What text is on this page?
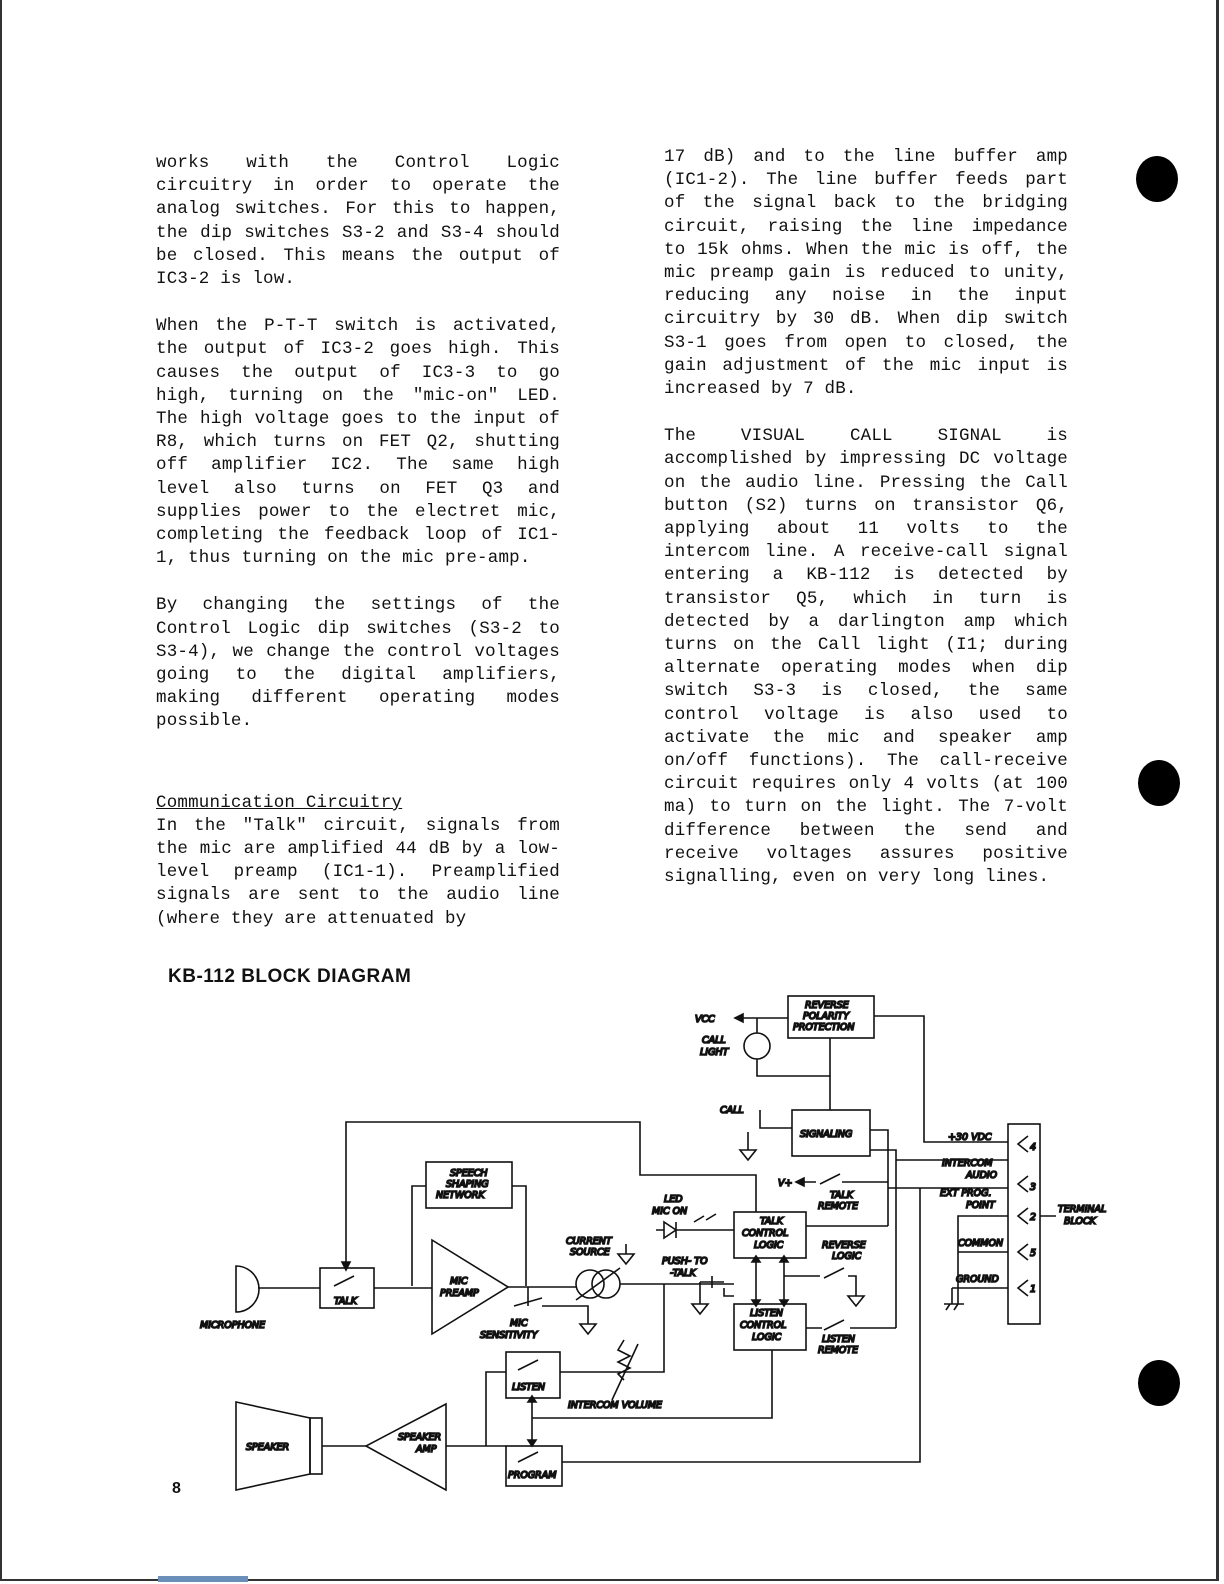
works with the Control Logic circuitry in order to operate the analog switches. For this to happen, the dip switches S3-2 and S3-4 should be closed. This means the output of IC3-2 is low.

When the P-T-T switch is activated, the output of IC3-2 goes high. This causes the output of IC3-3 to go high, turning on the "mic-on" LED. The high voltage goes to the input of R8, which turns on FET Q2, shutting off amplifier IC2. The same high level also turns on FET Q3 and supplies power to the electret mic, completing the feedback loop of IC1-1, thus turning on the mic pre-amp.

By changing the settings of the Control Logic dip switches (S3-2 to S3-4), we change the control voltages going to the digital amplifiers, making different operating modes possible.

Communication Circuitry

In the "Talk" circuit, signals from the mic are amplified 44 dB by a low-level preamp (IC1-1). Preamplified signals are sent to the audio line (where they are attenuated by

17 dB) and to the line buffer amp (IC1-2). The line buffer feeds part of the signal back to the bridging circuit, raising the line impedance to 15k ohms. When the mic is off, the mic preamp gain is reduced to unity, reducing any noise in the input circuitry by 30 dB. When dip switch S3-1 goes from open to closed, the gain adjustment of the mic input is increased by 7 dB.

The VISUAL CALL SIGNAL is accomplished by impressing DC voltage on the audio line. Pressing the Call button (S2) turns on transistor Q6, applying about 11 volts to the intercom line. A receive-call signal entering a KB-112 is detected by transistor Q5, which in turn is detected by a darlington amp which turns on the Call light (I1; during alternate operating modes when dip switch S3-3 is closed, the same control voltage is also used to activate the mic and speaker amp on/off functions). The call-receive circuit requires only 4 volts (at 100 ma) to turn on the light. The 7-volt difference between the send and receive voltages assures positive signalling, even on very long lines.

KB-112 BLOCK DIAGRAM
REVERSE
POLARITY
PROTECTION
VCC
CALL
LIGHT
CALL
SIGNALING	+30 VDC
4
INTERCOM
AUDIO
3
EXT PROG.
POINT
2
COMMON
5
GROUND
1
TERMINAL
BLOCK
SPEECH
SHAPING
NETWORK
V+
TALK
REMOTE
TALK
CONTROL
LOGIC
LED
MIC ON
REVERSE
LOGIC
CURRENT
SOURCE
PUSH- TO
-TALK
LISTEN
CONTROL
LOGIC	LISTEN
REMOTE
MICROPHONE
TALK
MIC
PREAMP
MIC
SENSITIVITY
INTERCOM VOLUME
LISTEN
SPEAKER
SPEAKER
AMP
PROGRAM
8
